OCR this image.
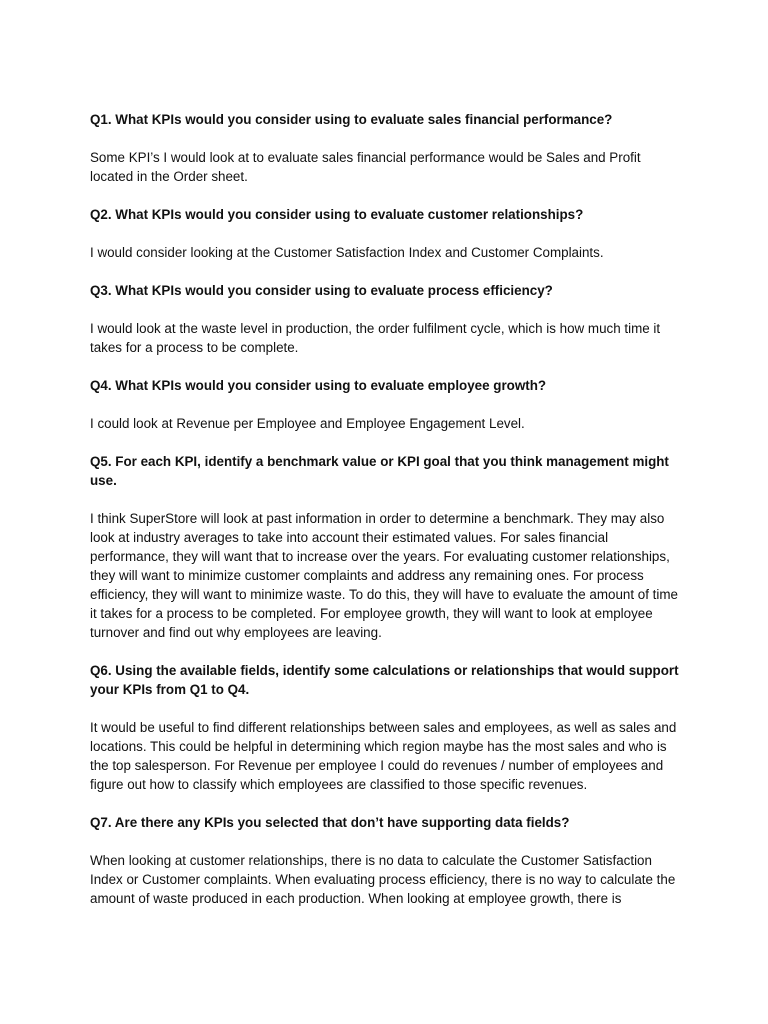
Q1. What KPIs would you consider using to evaluate sales financial performance?

Some KPI’s I would look at to evaluate sales financial performance would be Sales and Profit located in the Order sheet.

Q2. What KPIs would you consider using to evaluate customer relationships?

I would consider looking at the Customer Satisfaction Index and Customer Complaints.

Q3. What KPIs would you consider using to evaluate process efficiency?

I would look at the waste level in production, the order fulfilment cycle, which is how much time it takes for a process to be complete.

Q4. What KPIs would you consider using to evaluate employee growth?

I could look at Revenue per Employee and Employee Engagement Level.

Q5. For each KPI, identify a benchmark value or KPI goal that you think management might use.

I think SuperStore will look at past information in order to determine a benchmark. They may also look at industry averages to take into account their estimated values. For sales financial performance, they will want that to increase over the years. For evaluating customer relationships, they will want to minimize customer complaints and address any remaining ones. For process efficiency, they will want to minimize waste. To do this, they will have to evaluate the amount of time it takes for a process to be completed. For employee growth, they will want to look at employee turnover and find out why employees are leaving.

Q6. Using the available fields, identify some calculations or relationships that would support your KPIs from Q1 to Q4.

It would be useful to find different relationships between sales and employees, as well as sales and locations. This could be helpful in determining which region maybe has the most sales and who is the top salesperson. For Revenue per employee I could do revenues / number of employees and figure out how to classify which employees are classified to those specific revenues.

Q7. Are there any KPIs you selected that don’t have supporting data fields?

When looking at customer relationships, there is no data to calculate the Customer Satisfaction Index or Customer complaints. When evaluating process efficiency, there is no way to calculate the amount of waste produced in each production. When looking at employee growth, there is
